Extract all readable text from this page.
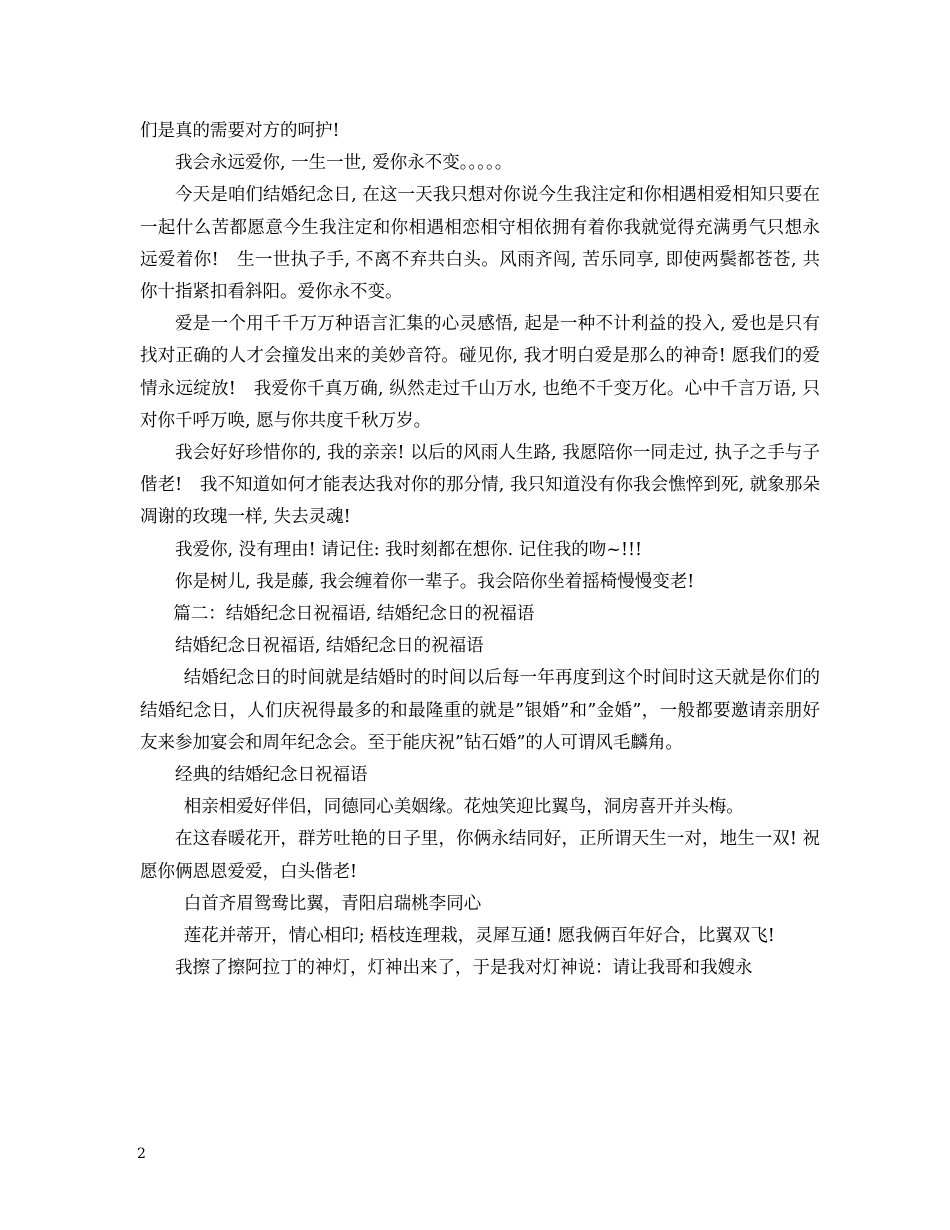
们是真的需要对方的呵护!

我会永远爱你, 一生一世, 爱你永不变。。。。。

今天是咱们结婚纪念日, 在这一天我只想对你说今生我注定和你相遇相爱相知只要在一起什么苦都愿意今生我注定和你相遇相恋相守相依拥有着你我就觉得充满勇气只想永远爱着你!　生一世执子手, 不离不弃共白头。风雨齐闯, 苦乐同享, 即使两鬓都苍苍, 共你十指紧扣看斜阳。爱你永不变。

爱是一个用千千万万种语言汇集的心灵感悟, 起是一种不计利益的投入, 爱也是只有找对正确的人才会撞发出来的美妙音符。碰见你, 我才明白爱是那么的神奇! 愿我们的爱情永远绽放!　我爱你千真万确, 纵然走过千山万水, 也绝不千变万化。心中千言万语, 只对你千呼万唤, 愿与你共度千秋万岁。

我会好好珍惜你的, 我的亲亲! 以后的风雨人生路, 我愿陪你一同走过, 执子之手与子偕老!　我不知道如何才能表达我对你的那分情, 我只知道没有你我会憔悴到死, 就象那朵凋谢的玫瑰一样, 失去灵魂!

我爱你, 没有理由! 请记住: 我时刻都在想你. 记住我的吻~!!!

你是树儿, 我是藤, 我会缠着你一辈子。我会陪你坐着摇椅慢慢变老!

篇二：结婚纪念日祝福语, 结婚纪念日的祝福语

结婚纪念日祝福语, 结婚纪念日的祝福语

结婚纪念日的时间就是结婚时的时间以后每一年再度到这个时间时这天就是你们的结婚纪念日，人们庆祝得最多的和最隆重的就是”银婚”和”金婚”，一般都要邀请亲朋好友来参加宴会和周年纪念会。至于能庆祝”钻石婚”的人可谓风毛麟角。

经典的结婚纪念日祝福语

相亲相爱好伴侣，同德同心美姻缘。花烛笑迎比翼鸟，洞房喜开并头梅。

在这春暖花开，群芳吐艳的日子里，你俩永结同好，正所谓天生一对，地生一双! 祝愿你俩恩恩爱爱，白头偕老!

白首齐眉鸳鸯比翼，青阳启瑞桃李同心

莲花并蒂开，情心相印; 梧枝连理栽，灵犀互通! 愿我俩百年好合，比翼双飞!

我擦了擦阿拉丁的神灯，灯神出来了，于是我对灯神说：请让我哥和我嫂永

2
